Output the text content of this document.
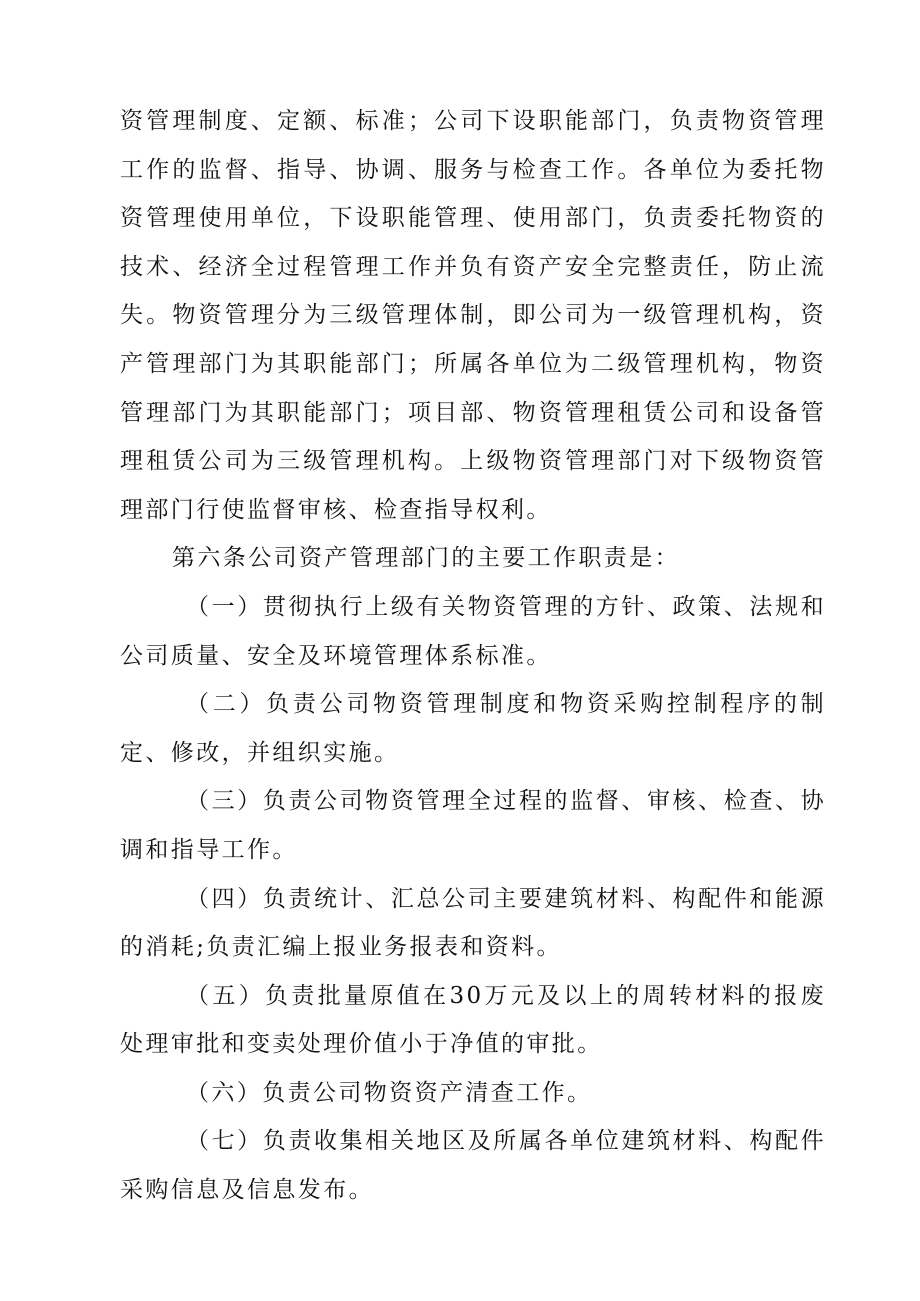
资管理制度、定额、标准；公司下设职能部门，负责物资管理工作的监督、指导、协调、服务与检查工作。各单位为委托物资管理使用单位，下设职能管理、使用部门，负责委托物资的技术、经济全过程管理工作并负有资产安全完整责任，防止流失。物资管理分为三级管理体制，即公司为一级管理机构，资产管理部门为其职能部门；所属各单位为二级管理机构，物资管理部门为其职能部门；项目部、物资管理租赁公司和设备管理租赁公司为三级管理机构。上级物资管理部门对下级物资管理部门行使监督审核、检查指导权利。

第六条公司资产管理部门的主要工作职责是：

（一）贯彻执行上级有关物资管理的方针、政策、法规和公司质量、安全及环境管理体系标准。

（二）负责公司物资管理制度和物资采购控制程序的制定、修改，并组织实施。

（三）负责公司物资管理全过程的监督、审核、检查、协调和指导工作。

（四）负责统计、汇总公司主要建筑材料、构配件和能源的消耗;负责汇编上报业务报表和资料。

（五）负责批量原值在30万元及以上的周转材料的报废处理审批和变卖处理价值小于净值的审批。

（六）负责公司物资资产清查工作。

（七）负责收集相关地区及所属各单位建筑材料、构配件采购信息及信息发布。
